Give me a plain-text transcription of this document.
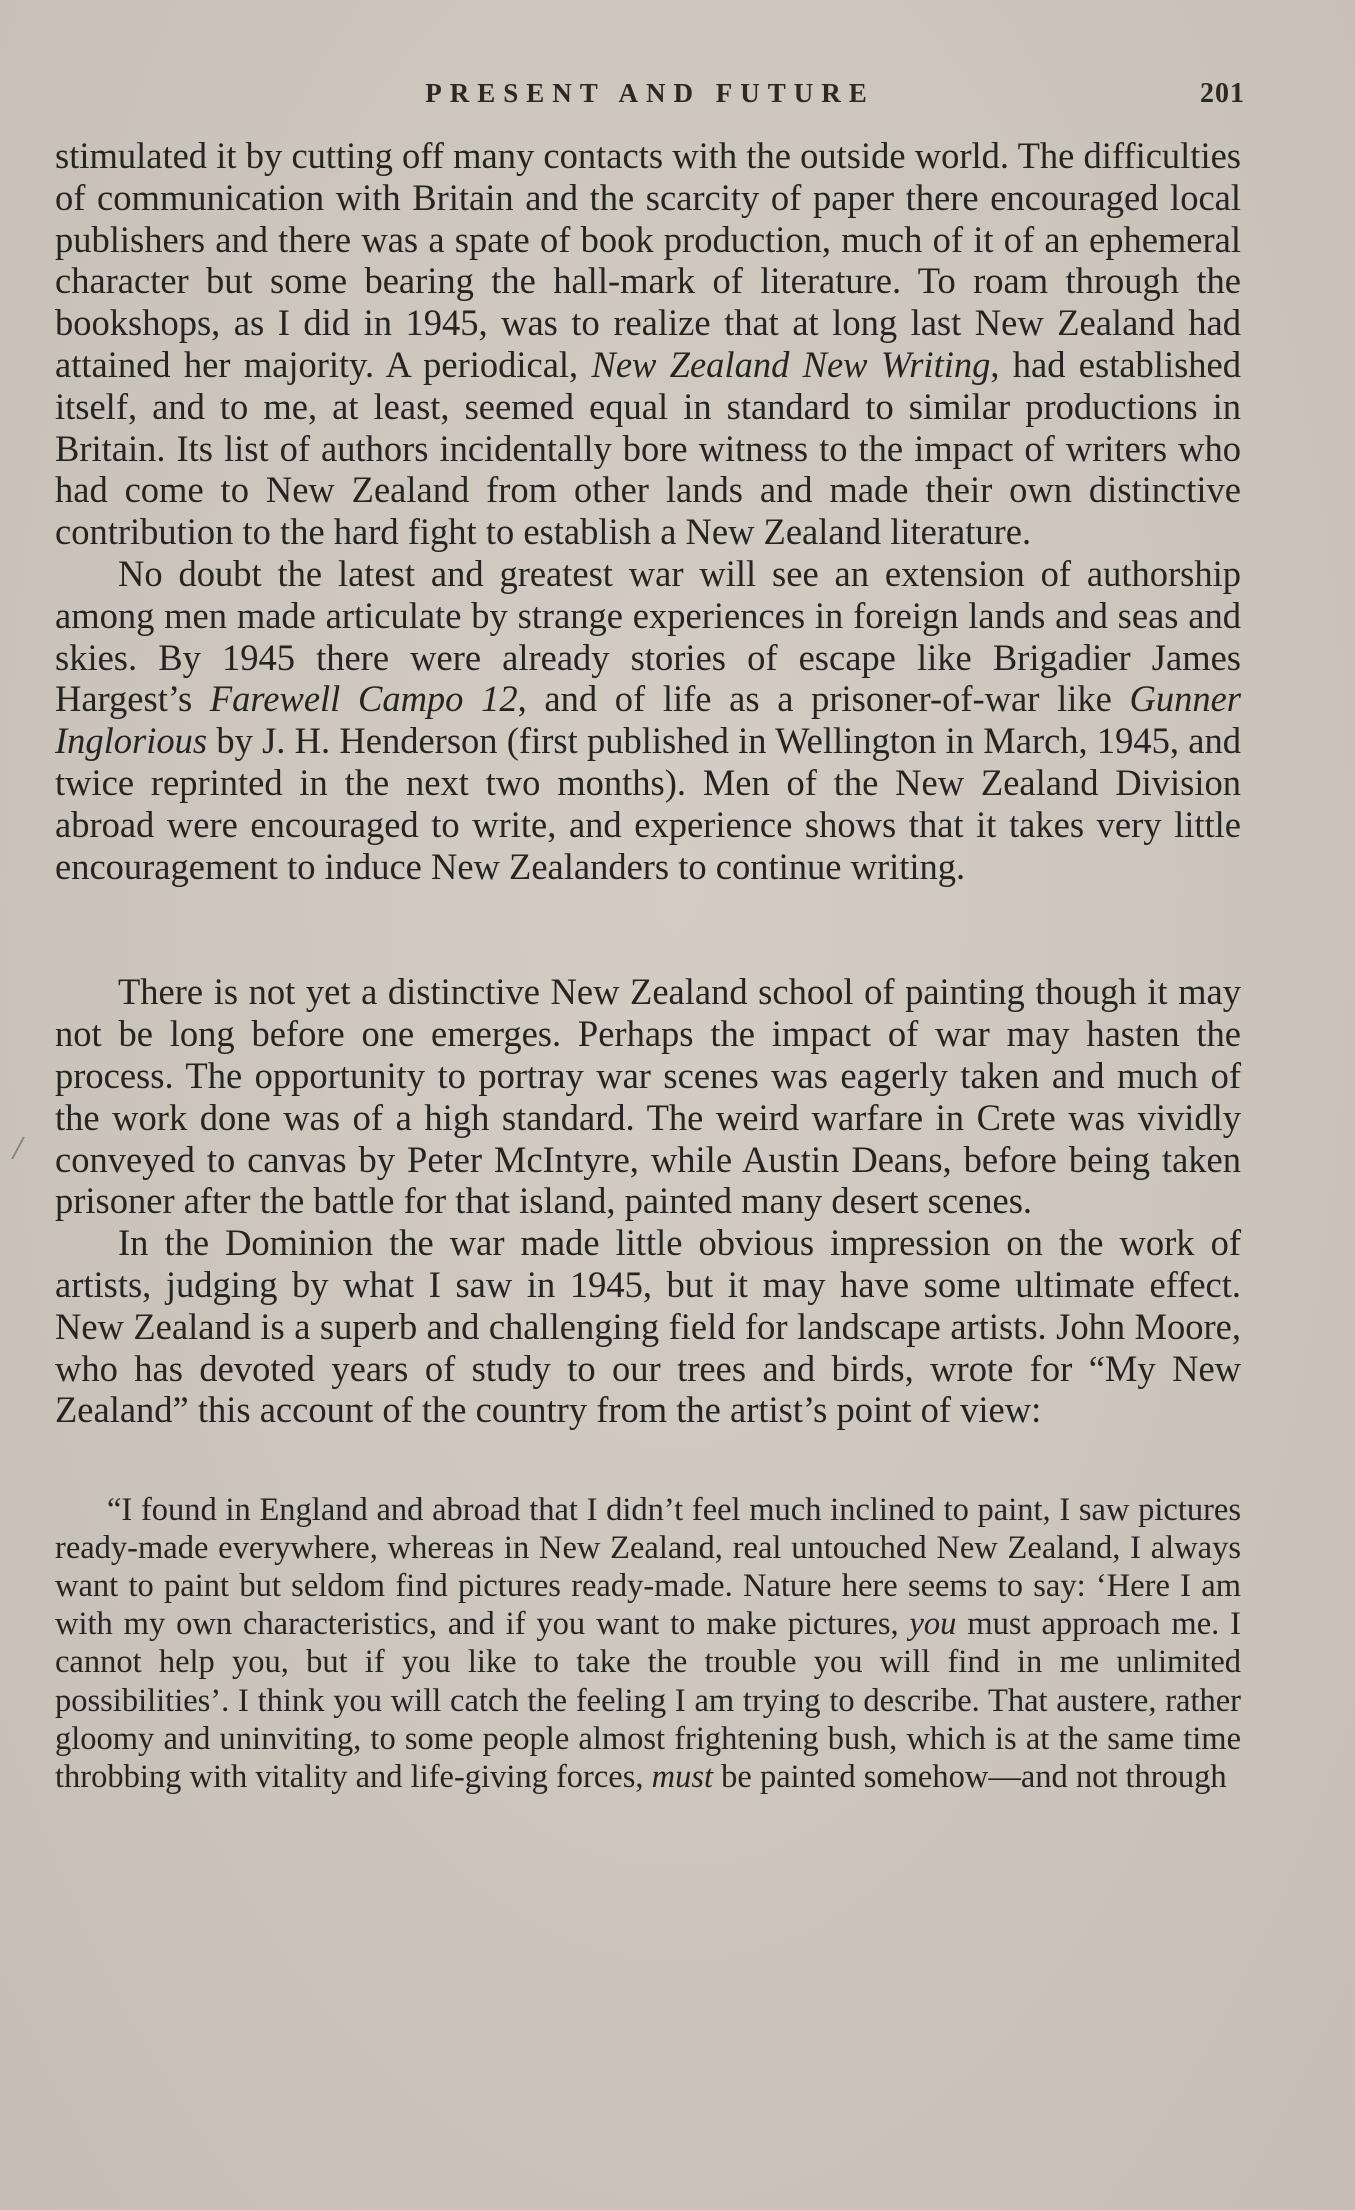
PRESENT AND FUTURE	201

stimulated it by cutting off many contacts with the outside world. The difficulties of communication with Britain and the scarcity of paper there encouraged local publishers and there was a spate of book production, much of it of an ephemeral character but some bearing the hall-mark of literature. To roam through the bookshops, as I did in 1945, was to realize that at long last New Zealand had attained her majority. A periodical, New Zealand New Writing, had established itself, and to me, at least, seemed equal in standard to similar productions in Britain. Its list of authors incidentally bore witness to the impact of writers who had come to New Zealand from other lands and made their own distinctive contribution to the hard fight to establish a New Zealand literature.

No doubt the latest and greatest war will see an extension of authorship among men made articulate by strange experiences in foreign lands and seas and skies. By 1945 there were already stories of escape like Brigadier James Hargest’s Farewell Campo 12, and of life as a prisoner-of-war like Gunner Inglorious by J. H. Henderson (first published in Wellington in March, 1945, and twice reprinted in the next two months). Men of the New Zealand Division abroad were encouraged to write, and experience shows that it takes very little encouragement to induce New Zealanders to continue writing.

There is not yet a distinctive New Zealand school of painting though it may not be long before one emerges. Perhaps the impact of war may hasten the process. The opportunity to portray war scenes was eagerly taken and much of the work done was of a high standard. The weird warfare in Crete was vividly conveyed to canvas by Peter McIntyre, while Austin Deans, before being taken prisoner after the battle for that island, painted many desert scenes.

In the Dominion the war made little obvious impression on the work of artists, judging by what I saw in 1945, but it may have some ultimate effect. New Zealand is a superb and challenging field for landscape artists. John Moore, who has devoted years of study to our trees and birds, wrote for “My New Zealand” this account of the country from the artist’s point of view:

“I found in England and abroad that I didn’t feel much inclined to paint, I saw pictures ready-made everywhere, whereas in New Zealand, real untouched New Zealand, I always want to paint but seldom find pictures ready-made. Nature here seems to say: ‘Here I am with my own characteristics, and if you want to make pictures, you must approach me. I cannot help you, but if you like to take the trouble you will find in me unlimited possibilities’. I think you will catch the feeling I am trying to describe. That austere, rather gloomy and uninviting, to some people almost frightening bush, which is at the same time throbbing with vitality and life-giving forces, must be painted somehow—and not through
